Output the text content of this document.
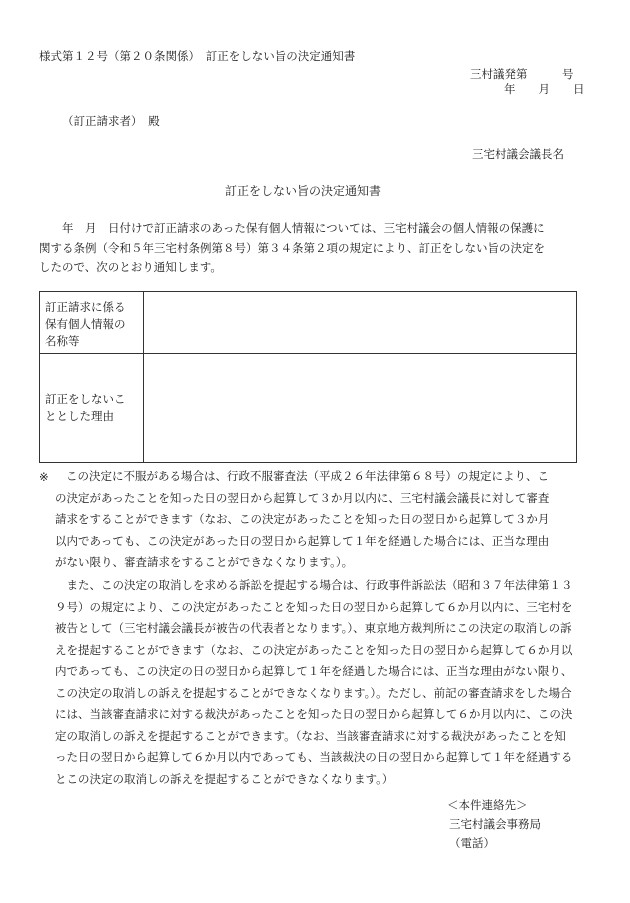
様式第１２号（第２０条関係）　訂正をしない旨の決定通知書
三村議発第　　　号
年　　月　　日
（訂正請求者）　殿
三宅村議会議長名
訂正をしない旨の決定通知書
　　年　月　日付けで訂正請求のあった保有個人情報については、三宅村議会の個人情報の保護に
関する条例（令和５年三宅村条例第８号）第３４条第２項の規定により、訂正をしない旨の決定を
したので、次のとおり通知します。
訂正請求に係る
保有個人情報の
名称等	

訂正をしないこ
ととした理由	

※ この決定に不服がある場合は、行政不服審査法（平成２６年法律第６８号）の規定により、こ
の決定があったことを知った日の翌日から起算して３か月以内に、三宅村議会議長に対して審査
請求をすることができます（なお、この決定があったことを知った日の翌日から起算して３か月
以内であっても、この決定があった日の翌日から起算して１年を経過した場合には、正当な理由
がない限り、審査請求をすることができなくなります。）。
　また、この決定の取消しを求める訴訟を提起する場合は、行政事件訴訟法（昭和３７年法律第１３
９号）の規定により、この決定があったことを知った日の翌日から起算して６か月以内に、三宅村を
被告として（三宅村議会議長が被告の代表者となります。）、東京地方裁判所にこの決定の取消しの訴
えを提起することができます（なお、この決定があったことを知った日の翌日から起算して６か月以
内であっても、この決定の日の翌日から起算して１年を経過した場合には、正当な理由がない限り、
この決定の取消しの訴えを提起することができなくなります。）。ただし、前記の審査請求をした場合
には、当該審査請求に対する裁決があったことを知った日の翌日から起算して６か月以内に、この決
定の取消しの訴えを提起することができます。（なお、当該審査請求に対する裁決があったことを知
った日の翌日から起算して６か月以内であっても、当該裁決の日の翌日から起算して１年を経過する
とこの決定の取消しの訴えを提起することができなくなります。）
＜本件連絡先＞
三宅村議会事務局
（電話）
